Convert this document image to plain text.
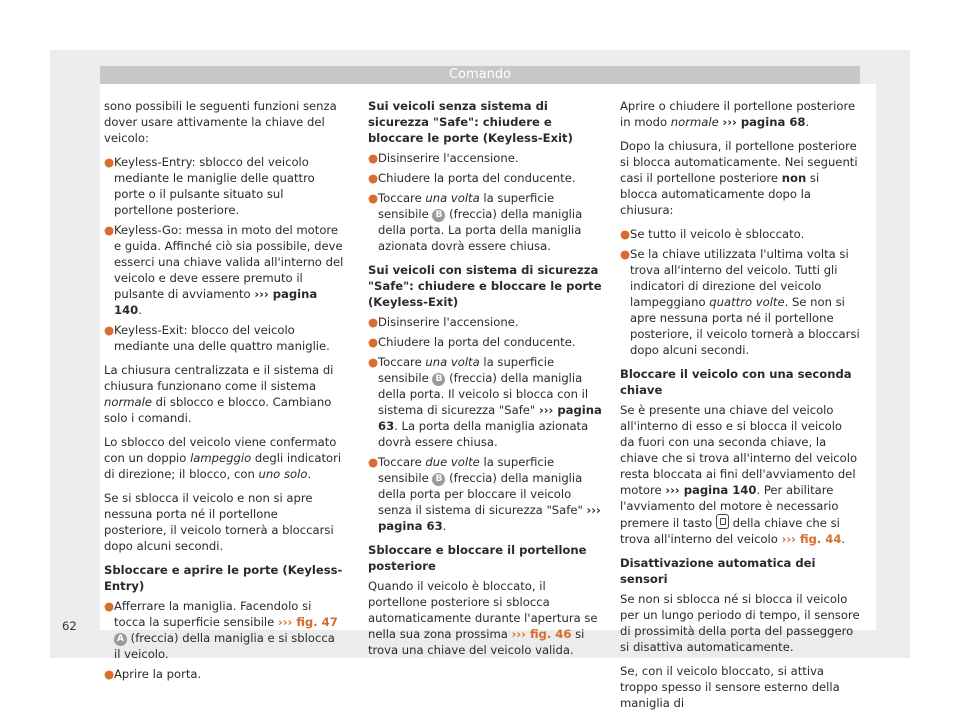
Comando

sono possibili le seguenti funzioni senza dover usare attivamente la chiave del veicolo:

● Keyless-Entry: sblocco del veicolo mediante le maniglie delle quattro porte o il pulsante situato sul portellone posteriore.

● Keyless-Go: messa in moto del motore e guida. Affinché ciò sia possibile, deve esserci una chiave valida all'interno del veicolo e deve essere premuto il pulsante di avviamento ››› pagina 140.

● Keyless-Exit: blocco del veicolo mediante una delle quattro maniglie.

La chiusura centralizzata e il sistema di chiusura funzionano come il sistema normale di sblocco e blocco. Cambiano solo i comandi.

Lo sblocco del veicolo viene confermato con un doppio lampeggio degli indicatori di direzione; il blocco, con uno solo.

Se si sblocca il veicolo e non si apre nessuna porta né il portellone posteriore, il veicolo tornerà a bloccarsi dopo alcuni secondi.

Sbloccare e aprire le porte (Keyless-Entry)

● Afferrare la maniglia. Facendolo si tocca la superficie sensibile ››› fig. 47 A (freccia) della maniglia e si sblocca il veicolo.

● Aprire la porta.

Sui veicoli senza sistema di sicurezza "Safe": chiudere e bloccare le porte (Keyless-Exit)

● Disinserire l'accensione.

● Chiudere la porta del conducente.

● Toccare una volta la superficie sensibile B (freccia) della maniglia della porta. La porta della maniglia azionata dovrà essere chiusa.

Sui veicoli con sistema di sicurezza "Safe": chiudere e bloccare le porte (Keyless-Exit)

● Disinserire l'accensione.

● Chiudere la porta del conducente.

● Toccare una volta la superficie sensibile B (freccia) della maniglia della porta. Il veicolo si blocca con il sistema di sicurezza "Safe" ››› pagina 63. La porta della maniglia azionata dovrà essere chiusa.

● Toccare due volte la superficie sensibile B (freccia) della maniglia della porta per bloccare il veicolo senza il sistema di sicurezza "Safe" ››› pagina 63.

Sbloccare e bloccare il portellone posteriore

Quando il veicolo è bloccato, il portellone posteriore si sblocca automaticamente durante l'apertura se nella sua zona prossima ››› fig. 46 si trova una chiave del veicolo valida.

Aprire o chiudere il portellone posteriore in modo normale ››› pagina 68.

Dopo la chiusura, il portellone posteriore si blocca automaticamente. Nei seguenti casi il portellone posteriore non si blocca automaticamente dopo la chiusura:

● Se tutto il veicolo è sbloccato.

● Se la chiave utilizzata l'ultima volta si trova all'interno del veicolo. Tutti gli indicatori di direzione del veicolo lampeggiano quattro volte. Se non si apre nessuna porta né il portellone posteriore, il veicolo tornerà a bloccarsi dopo alcuni secondi.

Bloccare il veicolo con una seconda chiave

Se è presente una chiave del veicolo all'interno di esso e si blocca il veicolo da fuori con una seconda chiave, la chiave che si trova all'interno del veicolo resta bloccata ai fini dell'avviamento del motore ››› pagina 140. Per abilitare l'avviamento del motore è necessario premere il tasto  della chiave che si trova all'interno del veicolo ››› fig. 44.

Disattivazione automatica dei sensori

Se non si sblocca né si blocca il veicolo per un lungo periodo di tempo, il sensore di prossimità della porta del passeggero si disattiva automaticamente.

Se, con il veicolo bloccato, si attiva troppo spesso il sensore esterno della maniglia di

62
